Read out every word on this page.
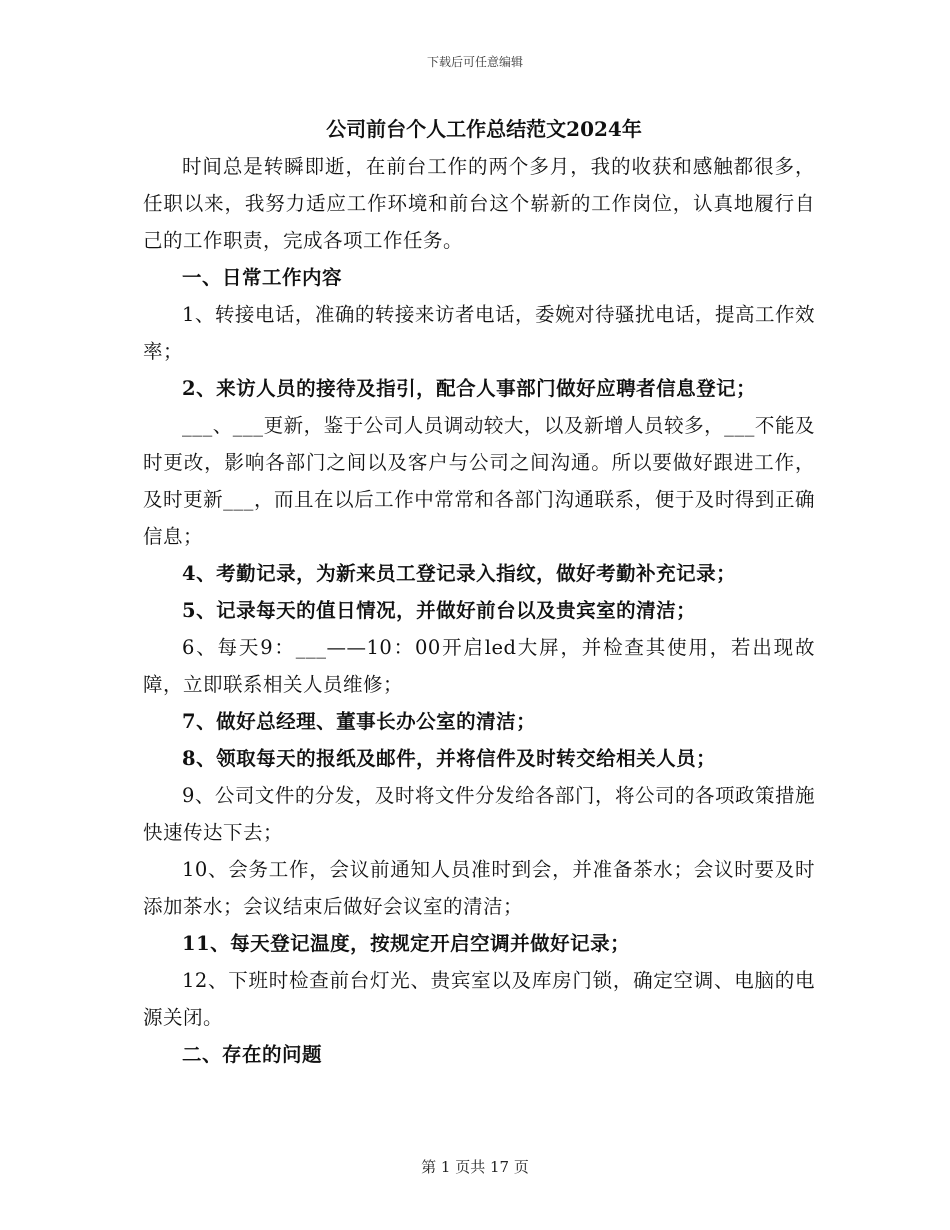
下载后可任意编辑
公司前台个人工作总结范文2024年

时间总是转瞬即逝，在前台工作的两个多月，我的收获和感触都很多，任职以来，我努力适应工作环境和前台这个崭新的工作岗位，认真地履行自己的工作职责，完成各项工作任务。

一、日常工作内容

1、转接电话，准确的转接来访者电话，委婉对待骚扰电话，提高工作效率；

2、来访人员的接待及指引，配合人事部门做好应聘者信息登记；

___、___更新，鉴于公司人员调动较大，以及新增人员较多，___不能及时更改，影响各部门之间以及客户与公司之间沟通。所以要做好跟进工作，及时更新___，而且在以后工作中常常和各部门沟通联系，便于及时得到正确信息；

4、考勤记录，为新来员工登记录入指纹，做好考勤补充记录；

5、记录每天的值日情况，并做好前台以及贵宾室的清洁；

6、每天9：___——10：00开启led大屏，并检查其使用，若出现故障，立即联系相关人员维修；

7、做好总经理、董事长办公室的清洁；

8、领取每天的报纸及邮件，并将信件及时转交给相关人员；

9、公司文件的分发，及时将文件分发给各部门，将公司的各项政策措施快速传达下去；

10、会务工作，会议前通知人员准时到会，并准备茶水；会议时要及时添加茶水；会议结束后做好会议室的清洁；

11、每天登记温度，按规定开启空调并做好记录；

12、下班时检查前台灯光、贵宾室以及库房门锁，确定空调、电脑的电源关闭。

二、存在的问题

第 1 页共 17 页
